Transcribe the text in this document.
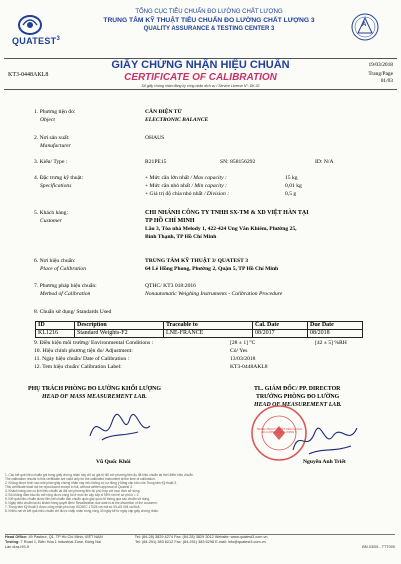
QUATEST$^3$
TỔNG CỤC TIÊU CHUẨN ĐO LƯỜNG CHẤT LƯỢNG
TRUNG TÂM KỸ THUẬT TIÊU CHUẨN ĐO LƯỜNG CHẤT LƯỢNG 3
QUALITY ASSURANCE & TESTING CENTER 3
A
KT3-0448AKL8
GIẤY CHỨNG NHẬN HIỆU CHUẨN
CERTIFICATE OF CALIBRATION
Số giấy chứng nhận đăng ký công nhận dịch vụ / Service License N°: DK 02
19/03/2018
Trang/Page
01/03
1. Phương tiện đo:
Object
CÂN ĐIỆN TỬ
ELECTRONIC BALANCE
2. Nơi sản xuất:
Manufacturer
OHAUS
3. Kiểu/ Type :	R21PE15	SN: 858156292	ID: N/A
4. Đặc trưng kỹ thuật:
Specifications
+ Mức cân lớn nhất / Max capacity :	15 kg
+ Mức cân nhỏ nhất / Min capacity :	0,01 kg
+ Giá trị độ chia nhỏ nhất / Division :	0,5 g
5. Khách hàng:
Customer
CHI NHÁNH CÔNG TY TNHH SX-TM & XD VIỆT HÀN TẠI
TP HỒ CHÍ MINH
Lầu 3, Tòa nhà Melody 1, 422-424 Ung Văn Khiêm, Phường 25,
Bình Thạnh, TP Hồ Chí Minh
6. Nơi hiệu chuẩn:
Place of Calibration
TRUNG TÂM KỸ THUẬT 3/ QUATEST 3
64 Lê Hồng Phong, Phường 2, Quận 5, TP Hồ Chí Minh
7. Phương pháp hiệu chuẩn:
Method of Calibration
QTHC/ KT3 018:2016
Nonautomatic Weighing Instruments - Calibration Procedure
8. Chuẩn sử dụng/ Standards Used
ID	Description	Traceable to	Cal. Date	Due Date
KL1216	Standard Weights-F2	LNE-FRANCE	08/2017	08/2018
9. Điều kiện môi trường/ Environmental Conditions :	[28 ± 1] °C	[42 ± 5] %RH
10. Hiệu chỉnh phương tiện đo/ Adjustment:	Có/ Yes
11. Ngày hiệu chuẩn/ Date of Calibration :	13/03/2018
12. Tem hiệu chuẩn/ Calibration Label:	KT3-0448AKL8
PHỤ TRÁCH PHÒNG ĐO LƯỜNG KHỐI LƯỢNG
HEAD OF MASS MEASUREMENT LAB.
Vũ Quốc Khôi
TL. GIÁM ĐỐC/ PP. DIRECTOR
TRƯỞNG PHÒNG ĐO LƯỜNG
HEAD OF MEASUREMENT LAB.
TRUNG TÂM KỸ THUẬT TIÊU CHUẨN ĐO LƯỜNG CHẤT LƯỢNG 3
Nguyễn Anh Triết
1. Các kết quả hiệu chuẩn ghi trong giấy chứng nhận này chỉ có giá trị đối với phương tiện đo đã hiệu chuẩn tại thời điểm hiệu chuẩn.
The calibration results in this certificate are valid only for the calibrated instrument at the time of calibration.
2. Không được trích sao một phần giấy chứng nhận này nếu không có sự đồng ý bằng văn bản của Trung tâm Kỹ thuật 3.
This certificate shall not be reproduced except in full, without written approval of Quatest 3.
3. Khách hàng cần có lịch hiệu chuẩn lại đối với phương tiện đo phù hợp với mục đích sử dụng.
4. Độ không đảm bảo đo mở rộng được công bố ở mức tin cậy xấp xỉ 95% với hệ số phủ k = 2.
5. Kết quả hiệu chuẩn được liên kết chuẩn đến chuẩn quốc gia/ quốc tế thông qua các chuẩn sử dụng.
6. Ngày hiệu chuẩn lại do khách hàng quyết định/ Recalibration due date is at the discretion of the customer.
7. Trung tâm Kỹ thuật 3 được công nhận phù hợp ISO/IEC 17025 với mã số VILAS 004 và BoA.
8. Khiếu nại về kết quả hiệu chuẩn chỉ được chấp nhận trong vòng 30 ngày kể từ ngày cấp giấy chứng nhận.
Head Office: 49 Pasteur, Q1, TP Hồ Chí Minh, VIỆT NAM	Tel: (84-28) 3829 4274 Fax: (84-28) 3829 3012 Website: www.quatest3.com.vn
Testing: 7 Road 1, Biên Hòa 1 Industrial Zone, Đồng Nai	Tel: (84-251) 383 6212 Fax: (84-251) 383 6298 E-mail: info@quatest3.com.vn
Lần dưa-HS-9	BM.03/05 - TTT000
